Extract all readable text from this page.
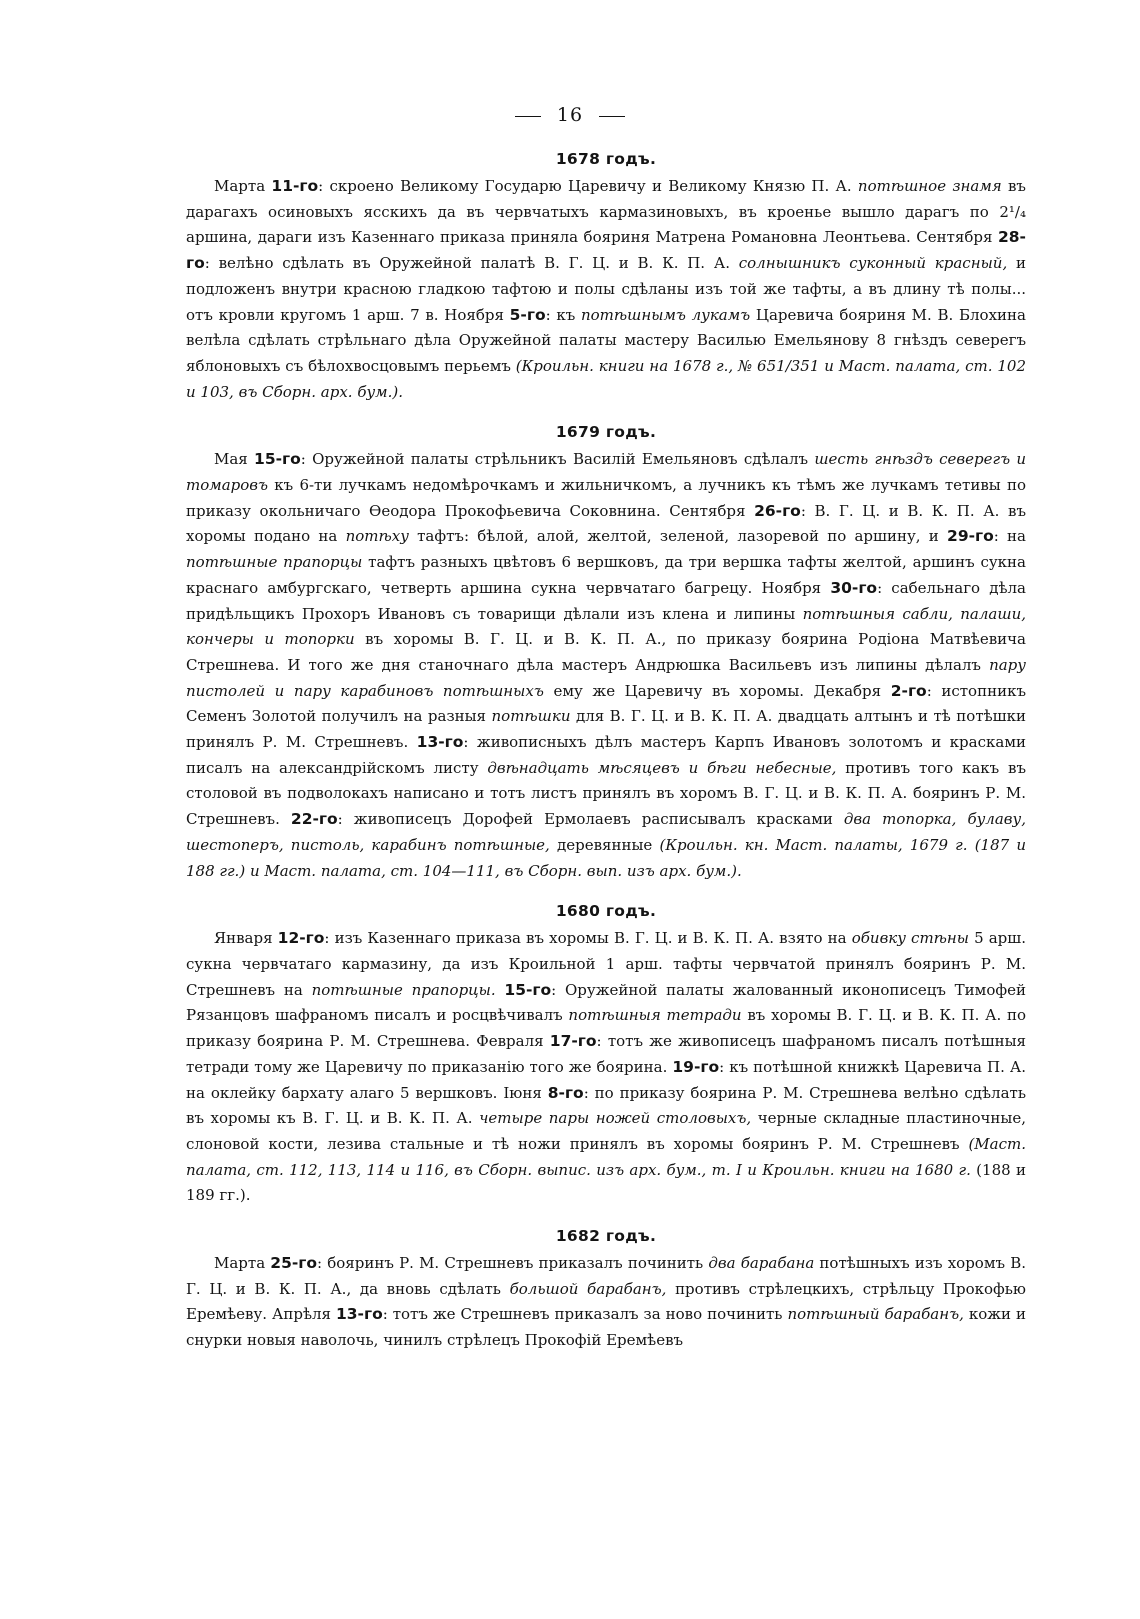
16
1678 годъ.

Марта 11-го: скроено Великому Государю Царевичу и Великому Князю П. А. потѣшное знамя въ дарагахъ осиновыхъ ясскихъ да въ червчатыхъ кармазиновыхъ, въ кроенье вышло дарагъ по 2¹/₄ аршина, дараги изъ Казеннаго приказа приняла бояриня Матрена Романовна Леонтьева. Сентября 28-го: велѣно сдѣлать въ Оружейной палатѣ В. Г. Ц. и В. К. П. А. солнышникъ суконный красный, и подложенъ внутри красною гладкою тафтою и полы сдѣланы изъ той же тафты, а въ длину тѣ полы... отъ кровли кругомъ 1 арш. 7 в. Ноября 5-го: къ потѣшнымъ лукамъ Царевича бояриня М. В. Блохина велѣла сдѣлать стрѣльнаго дѣла Оружейной палаты мастеру Василью Емельянову 8 гнѣздъ северегъ яблоновыхъ съ бѣлохвосцовымъ перьемъ (Кроильн. книги на 1678 г., № 651/351 и Маст. палата, ст. 102 и 103, въ Сборн. арх. бум.).

1679 годъ.

Мая 15-го: Оружейной палаты стрѣльникъ Василій Емельяновъ сдѣлалъ шесть гнѣздъ северегъ и томаровъ къ 6-ти лучкамъ недомѣрочкамъ и жильничкомъ, а лучникъ къ тѣмъ же лучкамъ тетивы по приказу окольничаго Ѳеодора Прокофьевича Соковнина. Сентября 26-го: В. Г. Ц. и В. К. П. А. въ хоромы подано на потѣху тафтъ: бѣлой, алой, желтой, зеленой, лазоревой по аршину, и 29-го: на потѣшные прапорцы тафтъ разныхъ цвѣтовъ 6 вершковъ, да три вершка тафты желтой, аршинъ сукна краснаго амбургскаго, четверть аршина сукна червчатаго багрецу. Ноября 30-го: сабельнаго дѣла придѣльщикъ Прохоръ Ивановъ съ товарищи дѣлали изъ клена и липины потѣшныя сабли, палаши, кончеры и топорки въ хоромы В. Г. Ц. и В. К. П. А., по приказу боярина Родіона Матвѣевича Стрешнева. И того же дня станочнаго дѣла мастеръ Андрюшка Васильевъ изъ липины дѣлалъ пару пистолей и пару карабиновъ потѣшныхъ ему же Царевичу въ хоромы. Декабря 2-го: истопникъ Семенъ Золотой получилъ на разныя потѣшки для В. Г. Ц. и В. К. П. А. двадцать алтынъ и тѣ потѣшки принялъ Р. М. Стрешневъ. 13-го: живописныхъ дѣлъ мастеръ Карпъ Ивановъ золотомъ и красками писалъ на александрійскомъ листу двѣнадцать мѣсяцевъ и бѣги небесные, противъ того какъ въ столовой въ подволокахъ написано и тотъ листъ принялъ въ хоромъ В. Г. Ц. и В. К. П. А. бояринъ Р. М. Стрешневъ. 22-го: живописецъ Дорофей Ермолаевъ расписывалъ красками два топорка, булаву, шестоперъ, пистоль, карабинъ потѣшные, деревянные (Кроильн. кн. Маст. палаты, 1679 г. (187 и 188 гг.) и Маст. палата, ст. 104—111, въ Сборн. вып. изъ арх. бум.).

1680 годъ.

Января 12-го: изъ Казеннаго приказа въ хоромы В. Г. Ц. и В. К. П. А. взято на обивку стѣны 5 арш. сукна червчатаго кармазину, да изъ Кроильной 1 арш. тафты червчатой принялъ бояринъ Р. М. Стрешневъ на потѣшные прапорцы. 15-го: Оружейной палаты жалованный иконописецъ Тимофей Рязанцовъ шафраномъ писалъ и росцвѣчивалъ потѣшныя тетради въ хоромы В. Г. Ц. и В. К. П. А. по приказу боярина Р. М. Стрешнева. Февраля 17-го: тотъ же живописецъ шафраномъ писалъ потѣшныя тетради тому же Царевичу по приказанію того же боярина. 19-го: къ потѣшной книжкѣ Царевича П. А. на оклейку бархату алаго 5 вершковъ. Іюня 8-го: по приказу боярина Р. М. Стрешнева велѣно сдѣлать въ хоромы къ В. Г. Ц. и В. К. П. А. четыре пары ножей столовыхъ, черные складные пластиночные, слоновой кости, лезива стальные и тѣ ножи принялъ въ хоромы бояринъ Р. М. Стрешневъ (Маст. палата, ст. 112, 113, 114 и 116, въ Сборн. выпис. изъ арх. бум., т. I и Кроильн. книги на 1680 г. (188 и 189 гг.).

1682 годъ.

Марта 25-го: бояринъ Р. М. Стрешневъ приказалъ починить два барабана потѣшныхъ изъ хоромъ В. Г. Ц. и В. К. П. А., да вновь сдѣлать большой барабанъ, противъ стрѣлецкихъ, стрѣльцу Прокофью Еремѣеву. Апрѣля 13-го: тотъ же Стрешневъ приказалъ за ново починить потѣшный барабанъ, кожи и снурки новыя наволочь, чинилъ стрѣлецъ Прокофій Еремѣевъ
